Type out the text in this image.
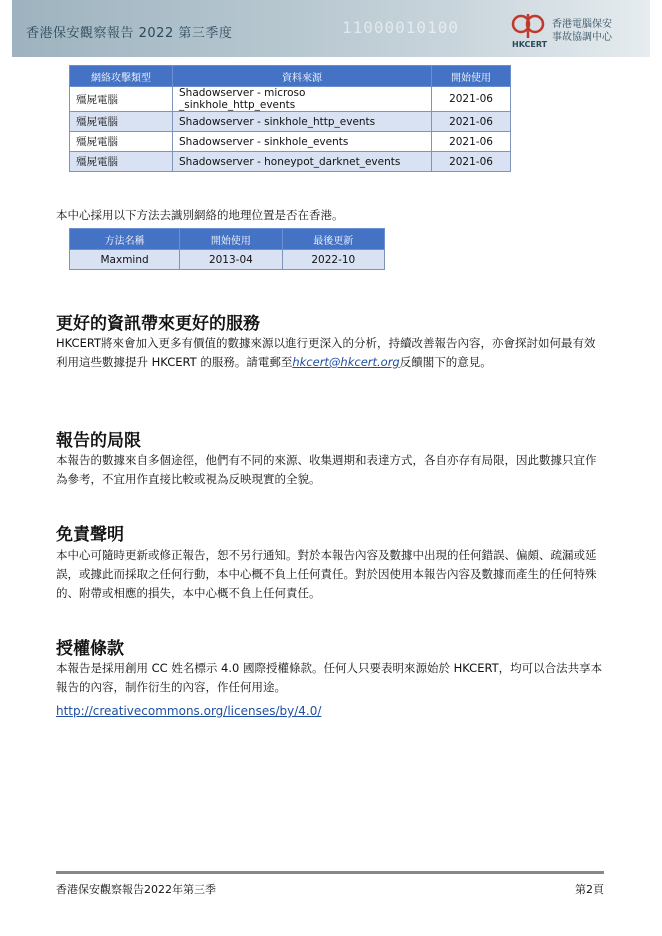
香港保安觀察報告 2022 第三季度	11000010100
HKCERT
香港電腦保安
事故協調中心
網絡攻擊類型	資料來源	開始使用
殭屍電腦	Shadowserver - microso _sinkhole_http_events	2021-06
殭屍電腦	Shadowserver - sinkhole_http_events	2021-06
殭屍電腦	Shadowserver - sinkhole_events	2021-06
殭屍電腦	Shadowserver - honeypot_darknet_events	2021-06
本中心採用以下方法去識別網絡的地理位置是否在香港。
方法名稱	開始使用	最後更新
Maxmind	2013-04	2022-10
更好的資訊帶來更好的服務
HKCERT將來會加入更多有價值的數據來源以進行更深入的分析，持續改善報告內容，亦會探討如何最有效利用這些數據提升 HKCERT 的服務。請電郵至hkcert@hkcert.org反饋閣下的意見。
報告的局限
本報告的數據來自多個途徑，他們有不同的來源、收集週期和表達方式，各自亦存有局限，因此數據只宜作為參考，不宜用作直接比較或視為反映現實的全貌。
免責聲明
本中心可隨時更新或修正報告，恕不另行通知。對於本報告內容及數據中出現的任何錯誤、偏頗、疏漏或延誤，或據此而採取之任何行動，本中心概不負上任何責任。對於因使用本報告內容及數據而產生的任何特殊的、附帶或相應的損失，本中心概不負上任何責任。
授權條款
本報告是採用創用 CC 姓名標示 4.0 國際授權條款。任何人只要表明來源始於 HKCERT，均可以合法共享本報告的內容，制作衍生的內容，作任何用途。
http://creativecommons.org/licenses/by/4.0/
香港保安觀察報告2022年第三季	第2頁
